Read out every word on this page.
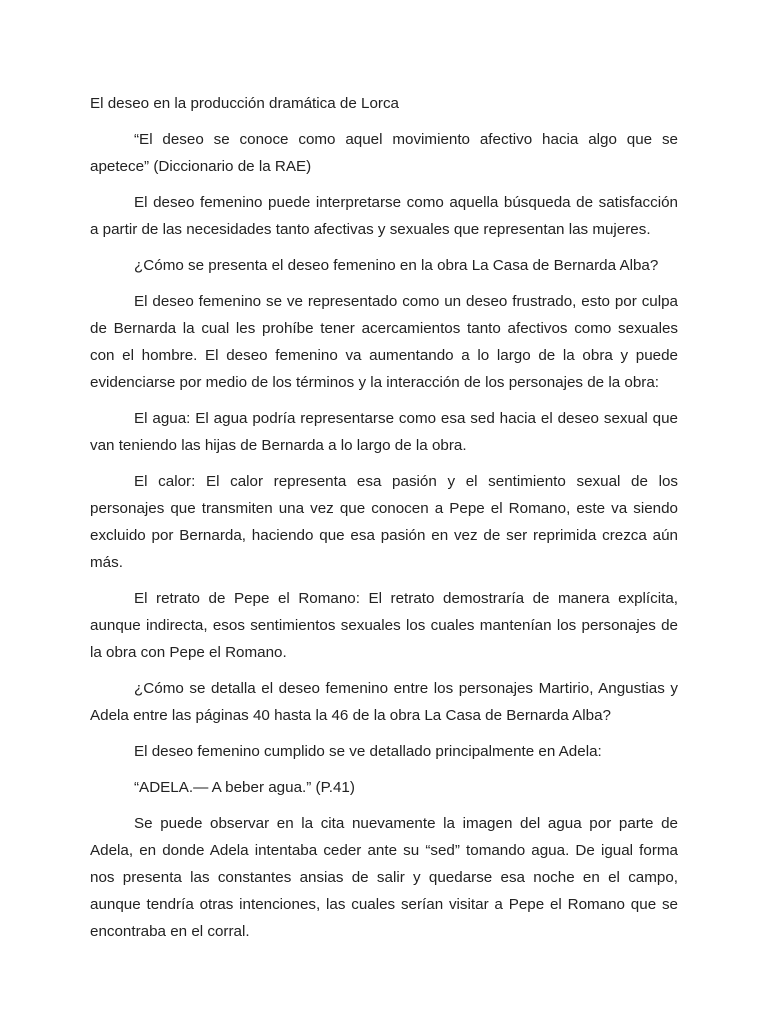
El deseo en la producción dramática de Lorca

“El deseo se conoce como aquel movimiento afectivo hacia algo que se apetece” (Diccionario de la RAE)

El deseo femenino puede interpretarse como aquella búsqueda de satisfacción a partir de las necesidades tanto afectivas y sexuales que representan las mujeres.

¿Cómo se presenta el deseo femenino en la obra La Casa de Bernarda Alba?

El deseo femenino se ve representado como un deseo frustrado, esto por culpa de Bernarda la cual les prohíbe tener acercamientos tanto afectivos como sexuales con el hombre. El deseo femenino va aumentando a lo largo de la obra y puede evidenciarse por medio de los términos y la interacción de los personajes de la obra:

El agua: El agua podría representarse como esa sed hacia el deseo sexual que van teniendo las hijas de Bernarda a lo largo de la obra.

El calor: El calor representa esa pasión y el sentimiento sexual de los personajes que transmiten una vez que conocen a Pepe el Romano, este va siendo excluido por Bernarda, haciendo que esa pasión en vez de ser reprimida crezca aún más.

El retrato de Pepe el Romano: El retrato demostraría de manera explícita, aunque indirecta, esos sentimientos sexuales los cuales mantenían los personajes de la obra con Pepe el Romano.

¿Cómo se detalla el deseo femenino entre los personajes Martirio, Angustias y Adela entre las páginas 40 hasta la 46 de la obra La Casa de Bernarda Alba?

El deseo femenino cumplido se ve detallado principalmente en Adela:

“ADELA.— A beber agua.” (P.41)

Se puede observar en la cita nuevamente la imagen del agua por parte de Adela, en donde Adela intentaba ceder ante su “sed” tomando agua. De igual forma nos presenta las constantes ansias de salir y quedarse esa noche en el campo, aunque tendría otras intenciones, las cuales serían visitar a Pepe el Romano que se encontraba en el corral.
